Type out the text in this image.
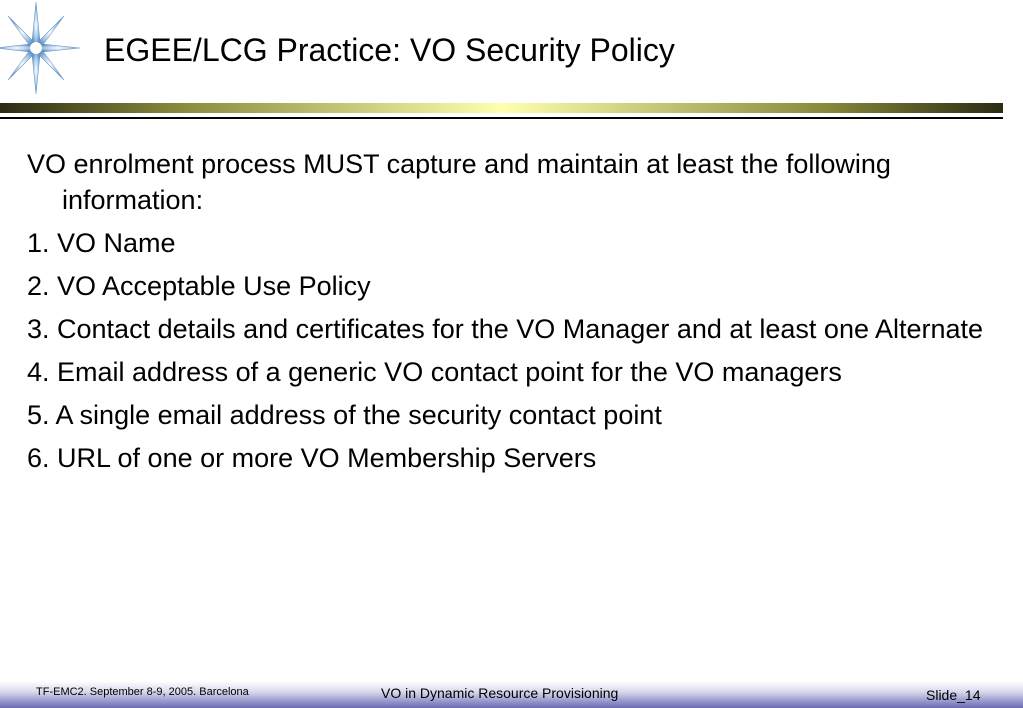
EGEE/LCG Practice: VO Security Policy
VO enrolment process MUST capture and maintain at least the following information:
1. VO Name
2. VO Acceptable Use Policy
3. Contact details and certificates for the VO Manager and at least one Alternate
4. Email address of a generic VO contact point for the VO managers
5. A single email address of the security contact point
6. URL of one or more VO Membership Servers
TF-EMC2. September 8-9, 2005. Barcelona	VO in Dynamic Resource Provisioning	Slide_14
